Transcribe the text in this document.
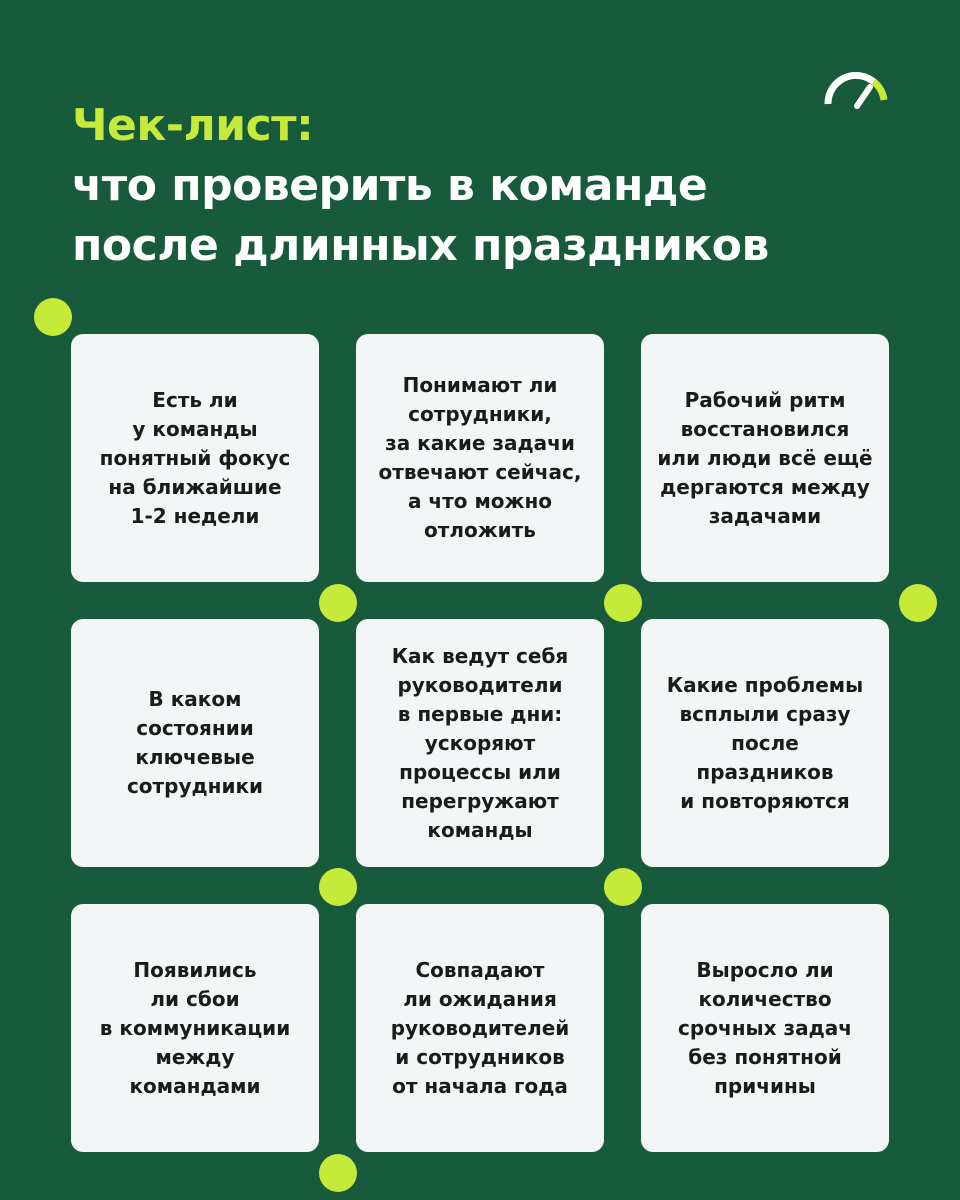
Чек-лист:
что проверить в команде
после длинных праздников

Есть ли
у команды
понятный фокус
на ближайшие
1-2 недели

Понимают ли
сотрудники,
за какие задачи
отвечают сейчас,
а что можно
отложить

Рабочий ритм
восстановился
или люди всё ещё
дергаются между
задачами

В каком
состоянии
ключевые
сотрудники

Как ведут себя
руководители
в первые дни:
ускоряют
процессы или
перегружают
команды

Какие проблемы
всплыли сразу
после
праздников
и повторяются

Появились
ли сбои
в коммуникации
между
командами

Совпадают
ли ожидания
руководителей
и сотрудников
от начала года

Выросло ли
количество
срочных задач
без понятной
причины
